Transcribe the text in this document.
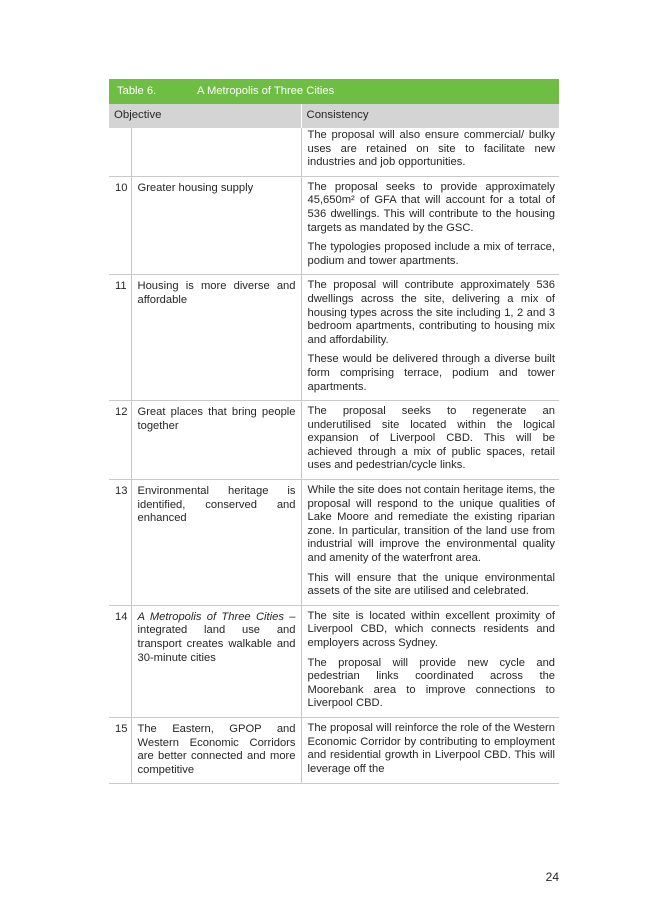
Table 6. A Metropolis of Three Cities		
Objective		Consistency

		The proposal will also ensure commercial/ bulky uses are retained on site to facilitate new industries and job opportunities.

10	Greater housing supply	The proposal seeks to provide approximately 45,650m² of GFA that will account for a total of 536 dwellings. This will contribute to the housing targets as mandated by the GSC.

The typologies proposed include a mix of terrace, podium and tower apartments.

11	Housing is more diverse and affordable	The proposal will contribute approximately 536 dwellings across the site, delivering a mix of housing types across the site including 1, 2 and 3 bedroom apartments, contributing to housing mix and affordability.

These would be delivered through a diverse built form comprising terrace, podium and tower apartments.

12	Great places that bring people together	The proposal seeks to regenerate an underutilised site located within the logical expansion of Liverpool CBD. This will be achieved through a mix of public spaces, retail uses and pedestrian/cycle links.

13	Environmental heritage is identified, conserved and enhanced	While the site does not contain heritage items, the proposal will respond to the unique qualities of Lake Moore and remediate the existing riparian zone. In particular, transition of the land use from industrial will improve the environmental quality and amenity of the waterfront area.

This will ensure that the unique environmental assets of the site are utilised and celebrated.

14	A Metropolis of Three Cities – integrated land use and transport creates walkable and 30-minute cities	The site is located within excellent proximity of Liverpool CBD, which connects residents and employers across Sydney.

The proposal will provide new cycle and pedestrian links coordinated across the Moorebank area to improve connections to Liverpool CBD.

15	The Eastern, GPOP and Western Economic Corridors are better connected and more competitive	The proposal will reinforce the role of the Western Economic Corridor by contributing to employment and residential growth in Liverpool CBD. This will leverage off the

24
